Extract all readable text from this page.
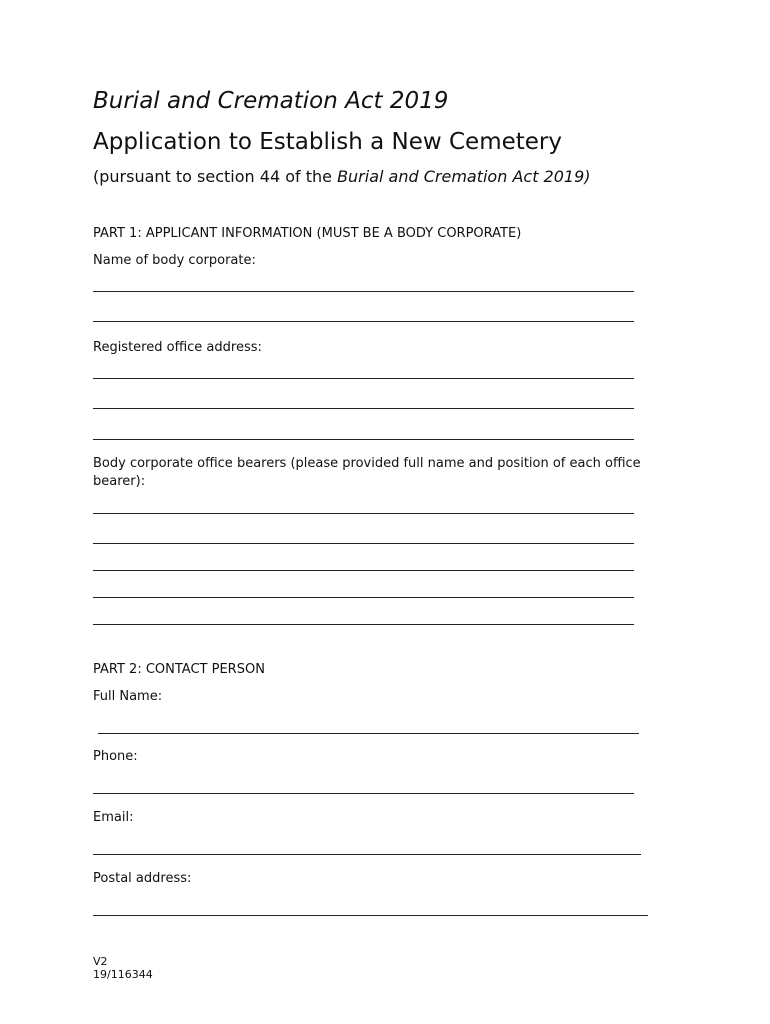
Burial and Cremation Act 2019
Application to Establish a New Cemetery
(pursuant to section 44 of the Burial and Cremation Act 2019)
PART 1: APPLICANT INFORMATION (MUST BE A BODY CORPORATE)
Name of body corporate:
Registered office address:
Body corporate office bearers (please provided full name and position of each office bearer):
PART 2: CONTACT PERSON
Full Name:
Phone:
Email:
Postal address:
V2
19/116344
